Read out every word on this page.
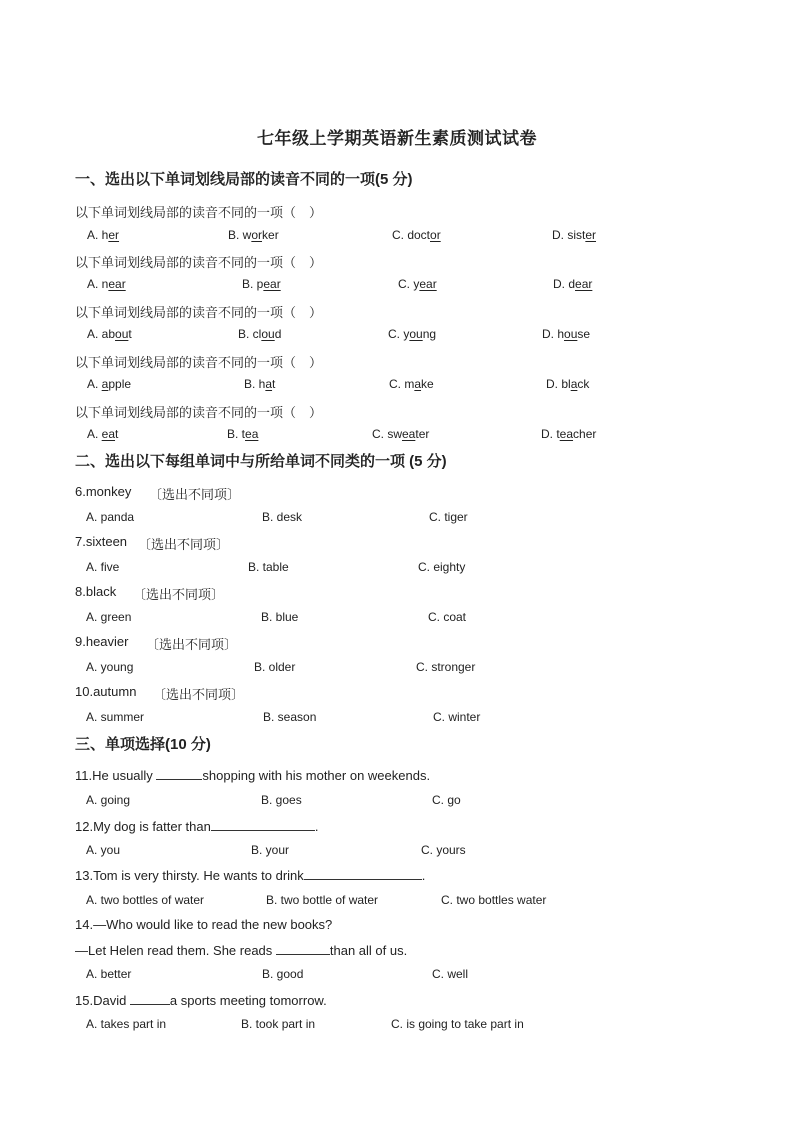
七年级上学期英语新生素质测试试卷
一、选出以下单词划线局部的读音不同的一项(5 分)
以下单词划线局部的读音不同的一项（　）
A. her	B. worker	C. doctor	D. sister
以下单词划线局部的读音不同的一项（　）
A. near	B. pear	C. year	D. dear
以下单词划线局部的读音不同的一项（　）
A. about	B. cloud	C. young	D. house
以下单词划线局部的读音不同的一项（　）
A. apple	B. hat	C. make	D. black
以下单词划线局部的读音不同的一项（　）
A. eat	B. tea	C. sweater	D. teacher
二、选出以下每组单词中与所给单词不同类的一项 (5 分)
6.monkey 〔选出不同项〕
A. panda	B. desk	C. tiger
7.sixteen 〔选出不同项〕
A. five	B. table	C. eighty
8.black 〔选出不同项〕
A. green	B. blue	C. coat
9.heavier 〔选出不同项〕
A. young	B. older	C. stronger
10.autumn 〔选出不同项〕
A. summer	B. season	C. winter
三、单项选择(10 分)
11.He usually	shopping with his mother on weekends.
A. going	B. goes	C. go
12.My dog is fatter than	.
A. you	B. your	C. yours
13.Tom is very thirsty. He wants to drink	.
A. two bottles of water	B. two bottle of water	C. two bottles water
14.—Who would like to read the new books?
—Let Helen read them. She reads	than all of us.
A. better	B. good	C. well
15.David	a sports meeting tomorrow.
A. takes part in	B. took part in	C. is going to take part in
